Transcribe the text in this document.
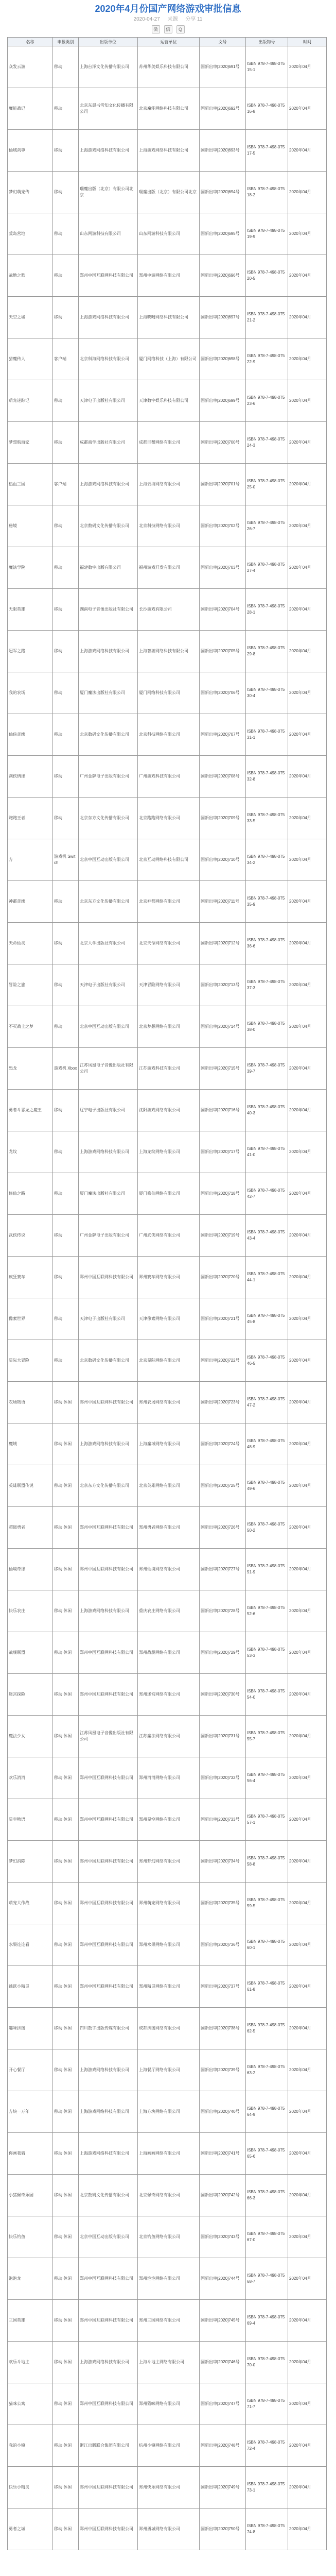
2020年4月份国产网络游戏审批信息
2020-04-27 来源 分享 11
微	信	Q
名称	申报类别	出版单位	运营单位	文号	出版物号	时间
众发云游	移动	上海台泽文化传播有限公司	苏州华美娱乐科技有限公司	国新出审[2020]691号	ISBN 978-7-498-07515-1	2020年04月
魔能战记	移动	北京东晨书雪知文化传播有限公司	北京魔能网络科技有限公司	国新出审[2020]692号	ISBN 978-7-498-07516-8	2020年04月
仙域剑尊	移动	上海游戏网络科技有限公司	上海游戏网络科技有限公司	国新出审[2020]693号	ISBN 978-7-498-07517-5	2020年04月
梦幻萌宠传	移动	瑞魔出版（北京）有限公司北京	瑞魔出版（北京）有限公司北京	国新出审[2020]694号	ISBN 978-7-498-07518-2	2020年04月
荒岛营地	移动	山东网游科技有限公司	山东网游科技有限公司	国新出审[2020]695号	ISBN 978-7-498-07519-9	2020年04月
战地之歌	移动	郑州中国互联网科技有限公司	郑州中游网络有限公司	国新出审[2020]696号	ISBN 978-7-498-07520-5	2020年04月
天空之城	移动	上海游戏网络科技有限公司	上海晓晴网络科技有限公司	国新出审[2020]697号	ISBN 978-7-498-07521-2	2020年04月
猎魔传人	客户端	北京科海网络科技有限公司	厦门网络科技（上海）有限公司	国新出审[2020]698号	ISBN 978-7-498-07522-9	2020年04月
萌宠迷踪记	移动	天津电子出版社有限公司	天津数字娱乐科技有限公司	国新出审[2020]699号	ISBN 978-7-498-07523-6	2020年04月
梦想航海家	移动	成都商学出版社有限公司	成都巨蟹网络有限公司	国新出审[2020]700号	ISBN 978-7-498-07524-3	2020年04月
热血三国	客户端	上海游戏网络科技有限公司	上海云海网络有限公司	国新出审[2020]701号	ISBN 978-7-498-07525-0	2020年04月
秘境	移动	北京数码文化传播有限公司	北京科技网络有限公司	国新出审[2020]702号	ISBN 978-7-498-07526-7	2020年04月
魔法学院	移动	福建数字出版有限公司	福州游戏开发有限公司	国新出审[2020]703号	ISBN 978-7-498-07527-4	2020年04月
无限英雄	移动	湖南电子音像出版社有限公司	长沙游戏有限公司	国新出审[2020]704号	ISBN 978-7-498-07528-1	2020年04月
冠军之路	移动	上海游戏网络科技有限公司	上海智游网络科技有限公司	国新出审[2020]705号	ISBN 978-7-498-07529-8	2020年04月
我的农场	移动	厦门魔法出版社有限公司	厦门网络科技有限公司	国新出审[2020]706号	ISBN 978-7-498-07530-4	2020年04月
仙侠奇缘	移动	北京数码文化传播有限公司	北京科技网络有限公司	国新出审[2020]707号	ISBN 978-7-498-07531-1	2020年04月
剑侠情缘	移动	广州金牌电子出版有限公司	广州游戏科技有限公司	国新出审[2020]708号	ISBN 978-7-498-07532-8	2020年04月
跑跑王者	移动	北京东方文化传播有限公司	北京跑跑网络有限公司	国新出审[2020]709号	ISBN 978-7-498-07533-5	2020年04月
方	游戏机 Switch	北京中国互动出版有限公司	北京互动网络科技有限公司	国新出审[2020]710号	ISBN 978-7-498-07534-2	2020年04月
神都奇缘	移动	北京东方文化传播有限公司	北京神都网络有限公司	国新出审[2020]711号	ISBN 978-7-498-07535-9	2020年04月
天命仙灵	移动	北京大学出版社有限公司	北京天命网络有限公司	国新出审[2020]712号	ISBN 978-7-498-07536-6	2020年04月
冒险之旅	移动	天津电子出版社有限公司	天津冒险网络有限公司	国新出审[2020]713号	ISBN 978-7-498-07537-3	2020年04月
不灭战士之梦	移动	北京中国互动出版有限公司	北京梦想网络有限公司	国新出审[2020]714号	ISBN 978-7-498-07538-0	2020年04月
恐龙	游戏机 Xbox	江苏凤凰电子音像出版社有限公司	江苏游戏科技有限公司	国新出审[2020]715号	ISBN 978-7-498-07539-7	2020年04月
勇者斗恶龙之魔王	移动	辽宁电子出版社有限公司	沈阳游戏网络有限公司	国新出审[2020]716号	ISBN 978-7-498-07540-3	2020年04月
龙纹	移动	上海游戏网络科技有限公司	上海龙纹网络有限公司	国新出审[2020]717号	ISBN 978-7-498-07541-0	2020年04月
修仙之路	移动	厦门魔法出版社有限公司	厦门修仙网络有限公司	国新出审[2020]718号	ISBN 978-7-498-07542-7	2020年04月
武侠传说	移动	广州金牌电子出版有限公司	广州武侠网络有限公司	国新出审[2020]719号	ISBN 978-7-498-07543-4	2020年04月
疯狂赛车	移动	郑州中国互联网科技有限公司	郑州赛车网络有限公司	国新出审[2020]720号	ISBN 978-7-498-07544-1	2020年04月
像素世界	移动	天津电子出版社有限公司	天津像素网络有限公司	国新出审[2020]721号	ISBN 978-7-498-07545-8	2020年04月
星际大冒险	移动	北京数码文化传播有限公司	北京星际网络有限公司	国新出审[2020]722号	ISBN 978-7-498-07546-5	2020年04月
农场物语	移动 休闲	郑州中国互联网科技有限公司	郑州农场网络有限公司	国新出审[2020]723号	ISBN 978-7-498-07547-2	2020年04月
魔域	移动 休闲	上海游戏网络科技有限公司	上海魔域网络有限公司	国新出审[2020]724号	ISBN 978-7-498-07548-9	2020年04月
英雄联盟传说	移动 休闲	北京东方文化传播有限公司	北京英雄网络有限公司	国新出审[2020]725号	ISBN 978-7-498-07549-6	2020年04月
超级勇者	移动 休闲	郑州中国互联网科技有限公司	郑州勇者网络有限公司	国新出审[2020]726号	ISBN 978-7-498-07550-2	2020年04月
仙境奇缘	移动 休闲	郑州中国互联网科技有限公司	郑州仙境网络有限公司	国新出审[2020]727号	ISBN 978-7-498-07551-9	2020年04月
快乐农庄	移动 休闲	上海游戏网络科技有限公司	重庆农庄网络有限公司	国新出审[2020]728号	ISBN 978-7-498-07552-6	2020年04月
战舰联盟	移动 休闲	郑州中国互联网科技有限公司	郑州战舰网络有限公司	国新出审[2020]729号	ISBN 978-7-498-07553-3	2020年04月
迷宫探险	移动 休闲	郑州中国互联网科技有限公司	郑州迷宫网络有限公司	国新出审[2020]730号	ISBN 978-7-498-07554-0	2020年04月
魔法少女	移动 休闲	江苏凤凰电子音像出版社有限公司	江苏魔法网络有限公司	国新出审[2020]731号	ISBN 978-7-498-07555-7	2020年04月
欢乐消消	移动 休闲	郑州中国互联网科技有限公司	郑州消消网络有限公司	国新出审[2020]732号	ISBN 978-7-498-07556-4	2020年04月
星空物语	移动 休闲	郑州中国互联网科技有限公司	郑州星空网络有限公司	国新出审[2020]733号	ISBN 978-7-498-07557-1	2020年04月
梦幻消除	移动 休闲	郑州中国互联网科技有限公司	郑州梦幻网络有限公司	国新出审[2020]734号	ISBN 978-7-498-07558-8	2020年04月
萌宠大作战	移动 休闲	郑州中国互联网科技有限公司	郑州萌宠网络有限公司	国新出审[2020]735号	ISBN 978-7-498-07559-5	2020年04月
水果连连看	移动 休闲	郑州中国互联网科技有限公司	郑州水果网络有限公司	国新出审[2020]736号	ISBN 978-7-498-07560-1	2020年04月
跳跃小精灵	移动 休闲	郑州中国互联网科技有限公司	郑州精灵网络有限公司	国新出审[2020]737号	ISBN 978-7-498-07561-8	2020年04月
趣味拼图	移动 休闲	四川数字出版传媒有限公司	成都拼图网络有限公司	国新出审[2020]738号	ISBN 978-7-498-07562-5	2020年04月
开心餐厅	移动 休闲	上海游戏网络科技有限公司	上海餐厅网络有限公司	国新出审[2020]739号	ISBN 978-7-498-07563-2	2020年04月
方块一万年	移动 休闲	上海游戏网络科技有限公司	上海方块网络有限公司	国新出审[2020]740号	ISBN 978-7-498-07564-9	2020年04月
你画我猜	移动 休闲	上海游戏网络科技有限公司	上海画画网络有限公司	国新出审[2020]741号	ISBN 978-7-498-07565-6	2020年04月
小猪佩奇乐园	移动 休闲	北京数码文化传播有限公司	北京佩奇网络有限公司	国新出审[2020]742号	ISBN 978-7-498-07566-3	2020年04月
快乐钓鱼	移动 休闲	北京中国互动出版有限公司	北京钓鱼网络有限公司	国新出审[2020]743号	ISBN 978-7-498-07567-0	2020年04月
泡泡龙	移动 休闲	郑州中国互联网科技有限公司	郑州泡泡网络有限公司	国新出审[2020]744号	ISBN 978-7-498-07568-7	2020年04月
三国英雄	移动 休闲	郑州中国互联网科技有限公司	郑州三国网络有限公司	国新出审[2020]745号	ISBN 978-7-498-07569-4	2020年04月
欢乐斗地主	移动 休闲	上海游戏网络科技有限公司	上海斗地主网络有限公司	国新出审[2020]746号	ISBN 978-7-498-07570-0	2020年04月
猫咪公寓	移动 休闲	郑州中国互联网科技有限公司	郑州猫咪网络有限公司	国新出审[2020]747号	ISBN 978-7-498-07571-7	2020年04月
我的小镇	移动 休闲	浙江出版联合集团有限公司	杭州小镇网络有限公司	国新出审[2020]748号	ISBN 978-7-498-07572-4	2020年04月
快乐小精灵	移动 休闲	郑州中国互联网科技有限公司	郑州快乐网络有限公司	国新出审[2020]749号	ISBN 978-7-498-07573-1	2020年04月
勇者之城	移动 休闲	郑州中国互联网科技有限公司	郑州勇城网络有限公司	国新出审[2020]750号	ISBN 978-7-498-07574-8	2020年04月
